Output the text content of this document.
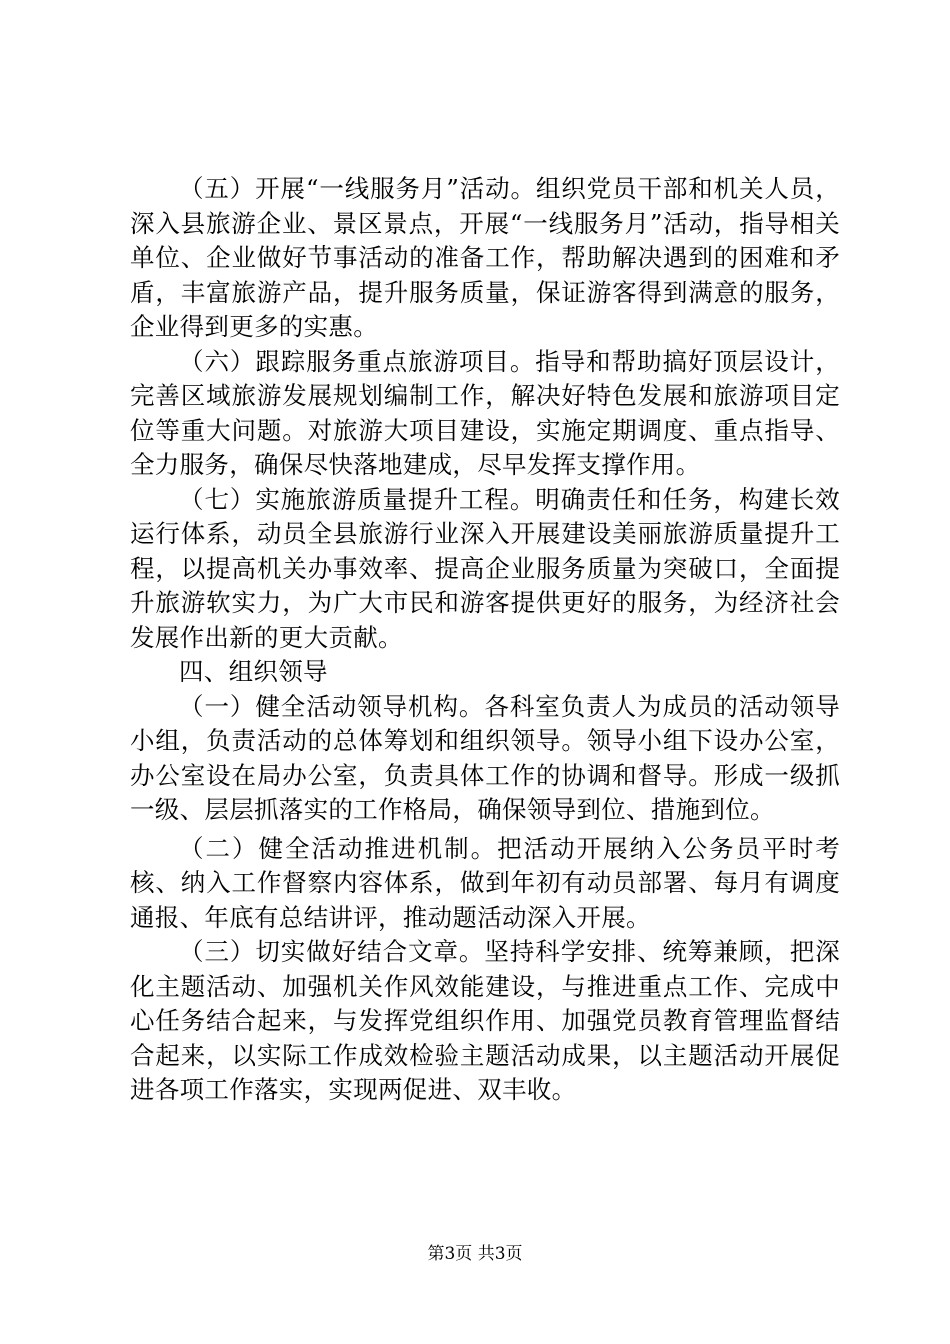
（五）开展“一线服务月”活动。组织党员干部和机关人员，深入县旅游企业、景区景点，开展“一线服务月”活动，指导相关单位、企业做好节事活动的准备工作，帮助解决遇到的困难和矛盾，丰富旅游产品，提升服务质量，保证游客得到满意的服务，企业得到更多的实惠。

（六）跟踪服务重点旅游项目。指导和帮助搞好顶层设计，完善区域旅游发展规划编制工作，解决好特色发展和旅游项目定位等重大问题。对旅游大项目建设，实施定期调度、重点指导、全力服务，确保尽快落地建成，尽早发挥支撑作用。

（七）实施旅游质量提升工程。明确责任和任务，构建长效运行体系，动员全县旅游行业深入开展建设美丽旅游质量提升工程，以提高机关办事效率、提高企业服务质量为突破口，全面提升旅游软实力，为广大市民和游客提供更好的服务，为经济社会发展作出新的更大贡献。

四、组织领导

（一）健全活动领导机构。各科室负责人为成员的活动领导小组，负责活动的总体筹划和组织领导。领导小组下设办公室，办公室设在局办公室，负责具体工作的协调和督导。形成一级抓一级、层层抓落实的工作格局，确保领导到位、措施到位。

（二）健全活动推进机制。把活动开展纳入公务员平时考核、纳入工作督察内容体系，做到年初有动员部署、每月有调度通报、年底有总结讲评，推动题活动深入开展。

（三）切实做好结合文章。坚持科学安排、统筹兼顾，把深化主题活动、加强机关作风效能建设，与推进重点工作、完成中心任务结合起来，与发挥党组织作用、加强党员教育管理监督结合起来，以实际工作成效检验主题活动成果，以主题活动开展促进各项工作落实，实现两促进、双丰收。

第3页 共3页
